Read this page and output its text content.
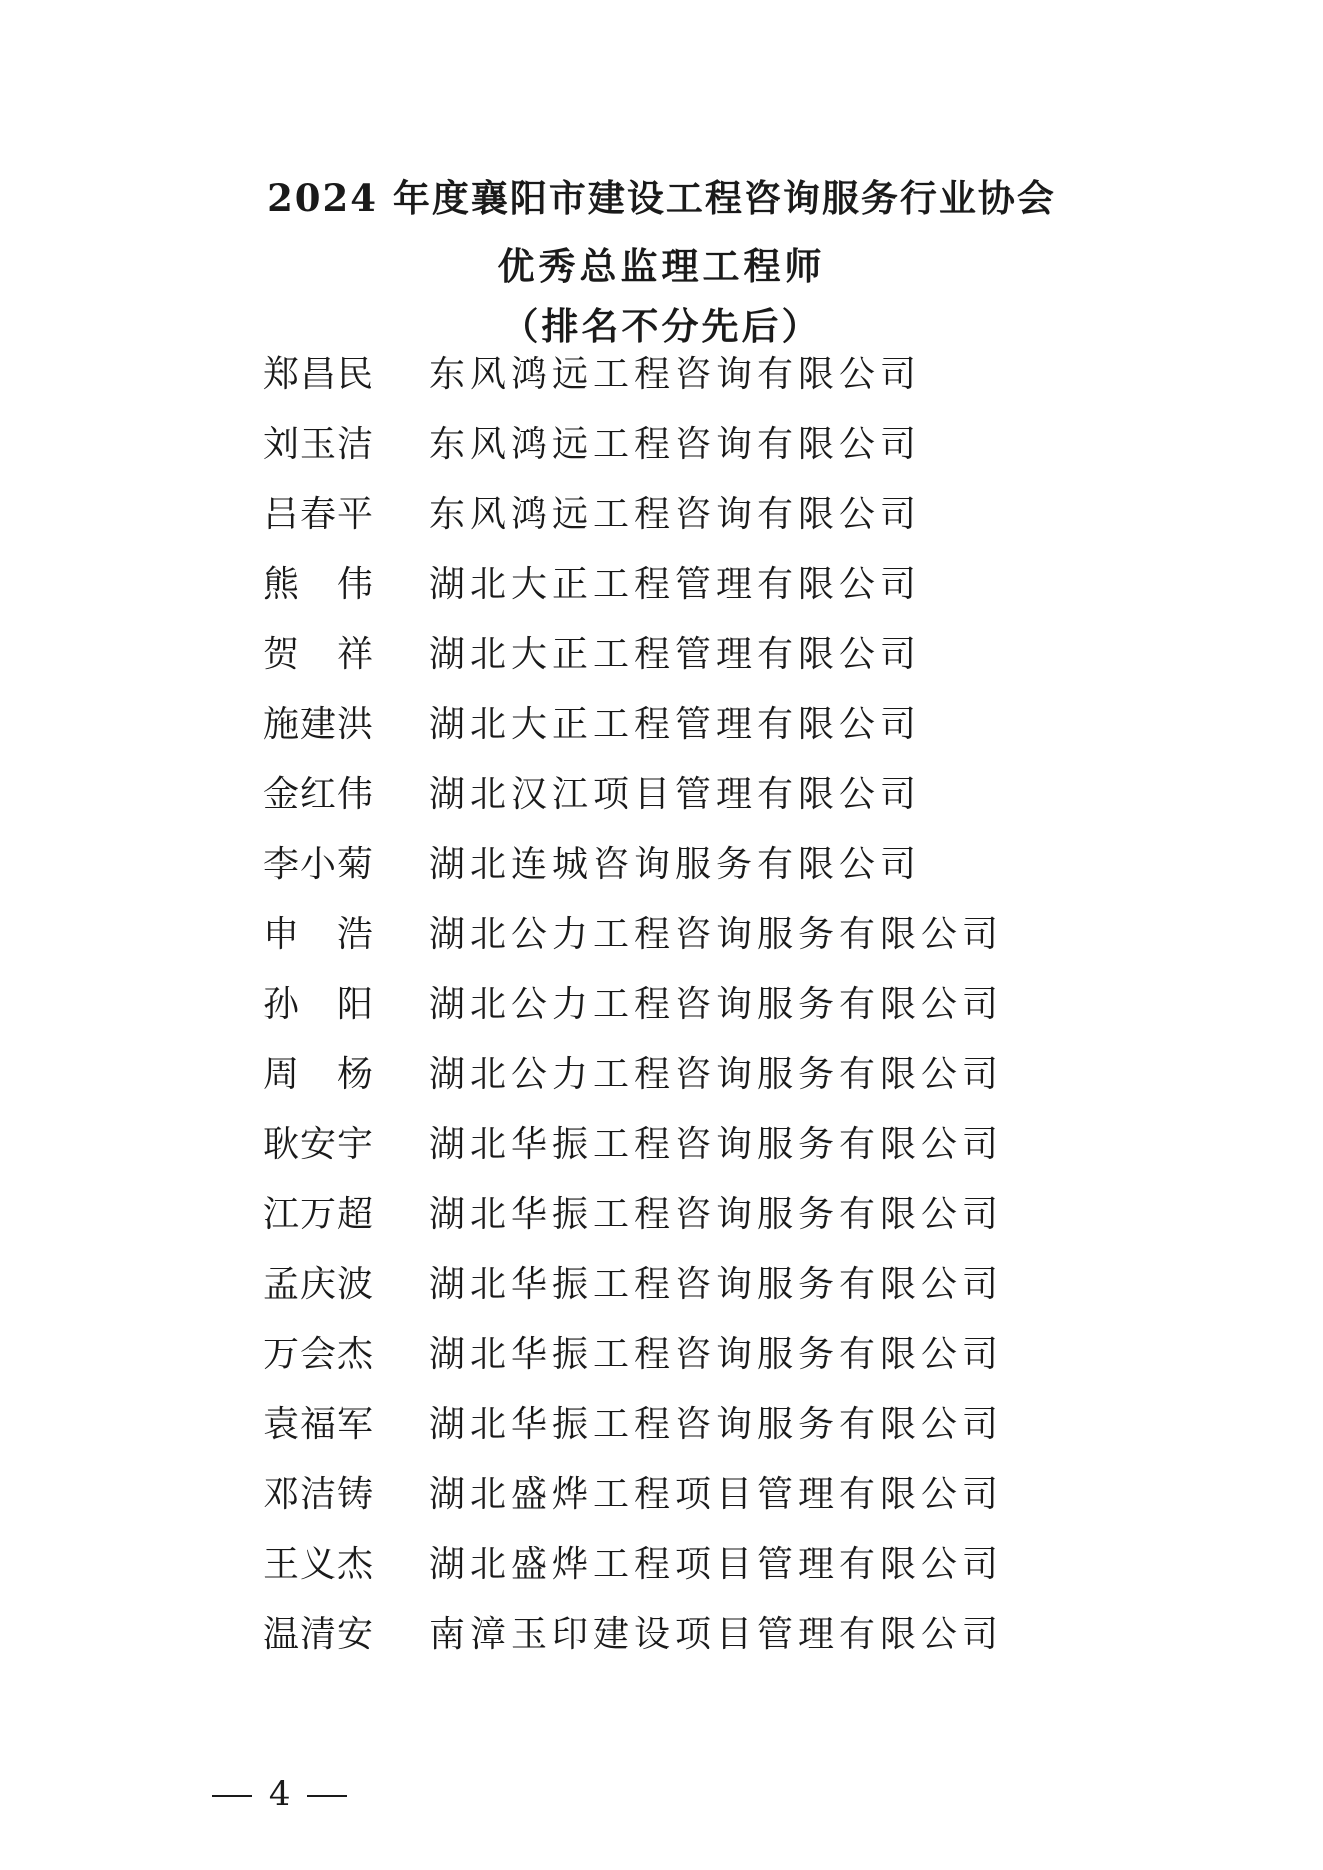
2024 年度襄阳市建设工程咨询服务行业协会
优秀总监理工程师
（排名不分先后）
郑昌民 东风鸿远工程咨询有限公司
刘玉洁 东风鸿远工程咨询有限公司
吕春平 东风鸿远工程咨询有限公司
熊 伟 湖北大正工程管理有限公司
贺 祥 湖北大正工程管理有限公司
施建洪 湖北大正工程管理有限公司
金红伟 湖北汉江项目管理有限公司
李小菊 湖北连城咨询服务有限公司
申 浩 湖北公力工程咨询服务有限公司
孙 阳 湖北公力工程咨询服务有限公司
周 杨 湖北公力工程咨询服务有限公司
耿安宇 湖北华振工程咨询服务有限公司
江万超 湖北华振工程咨询服务有限公司
孟庆波 湖北华振工程咨询服务有限公司
万会杰 湖北华振工程咨询服务有限公司
袁福军 湖北华振工程咨询服务有限公司
邓洁铸 湖北盛烨工程项目管理有限公司
王义杰 湖北盛烨工程项目管理有限公司
温清安 南漳玉印建设项目管理有限公司
4
